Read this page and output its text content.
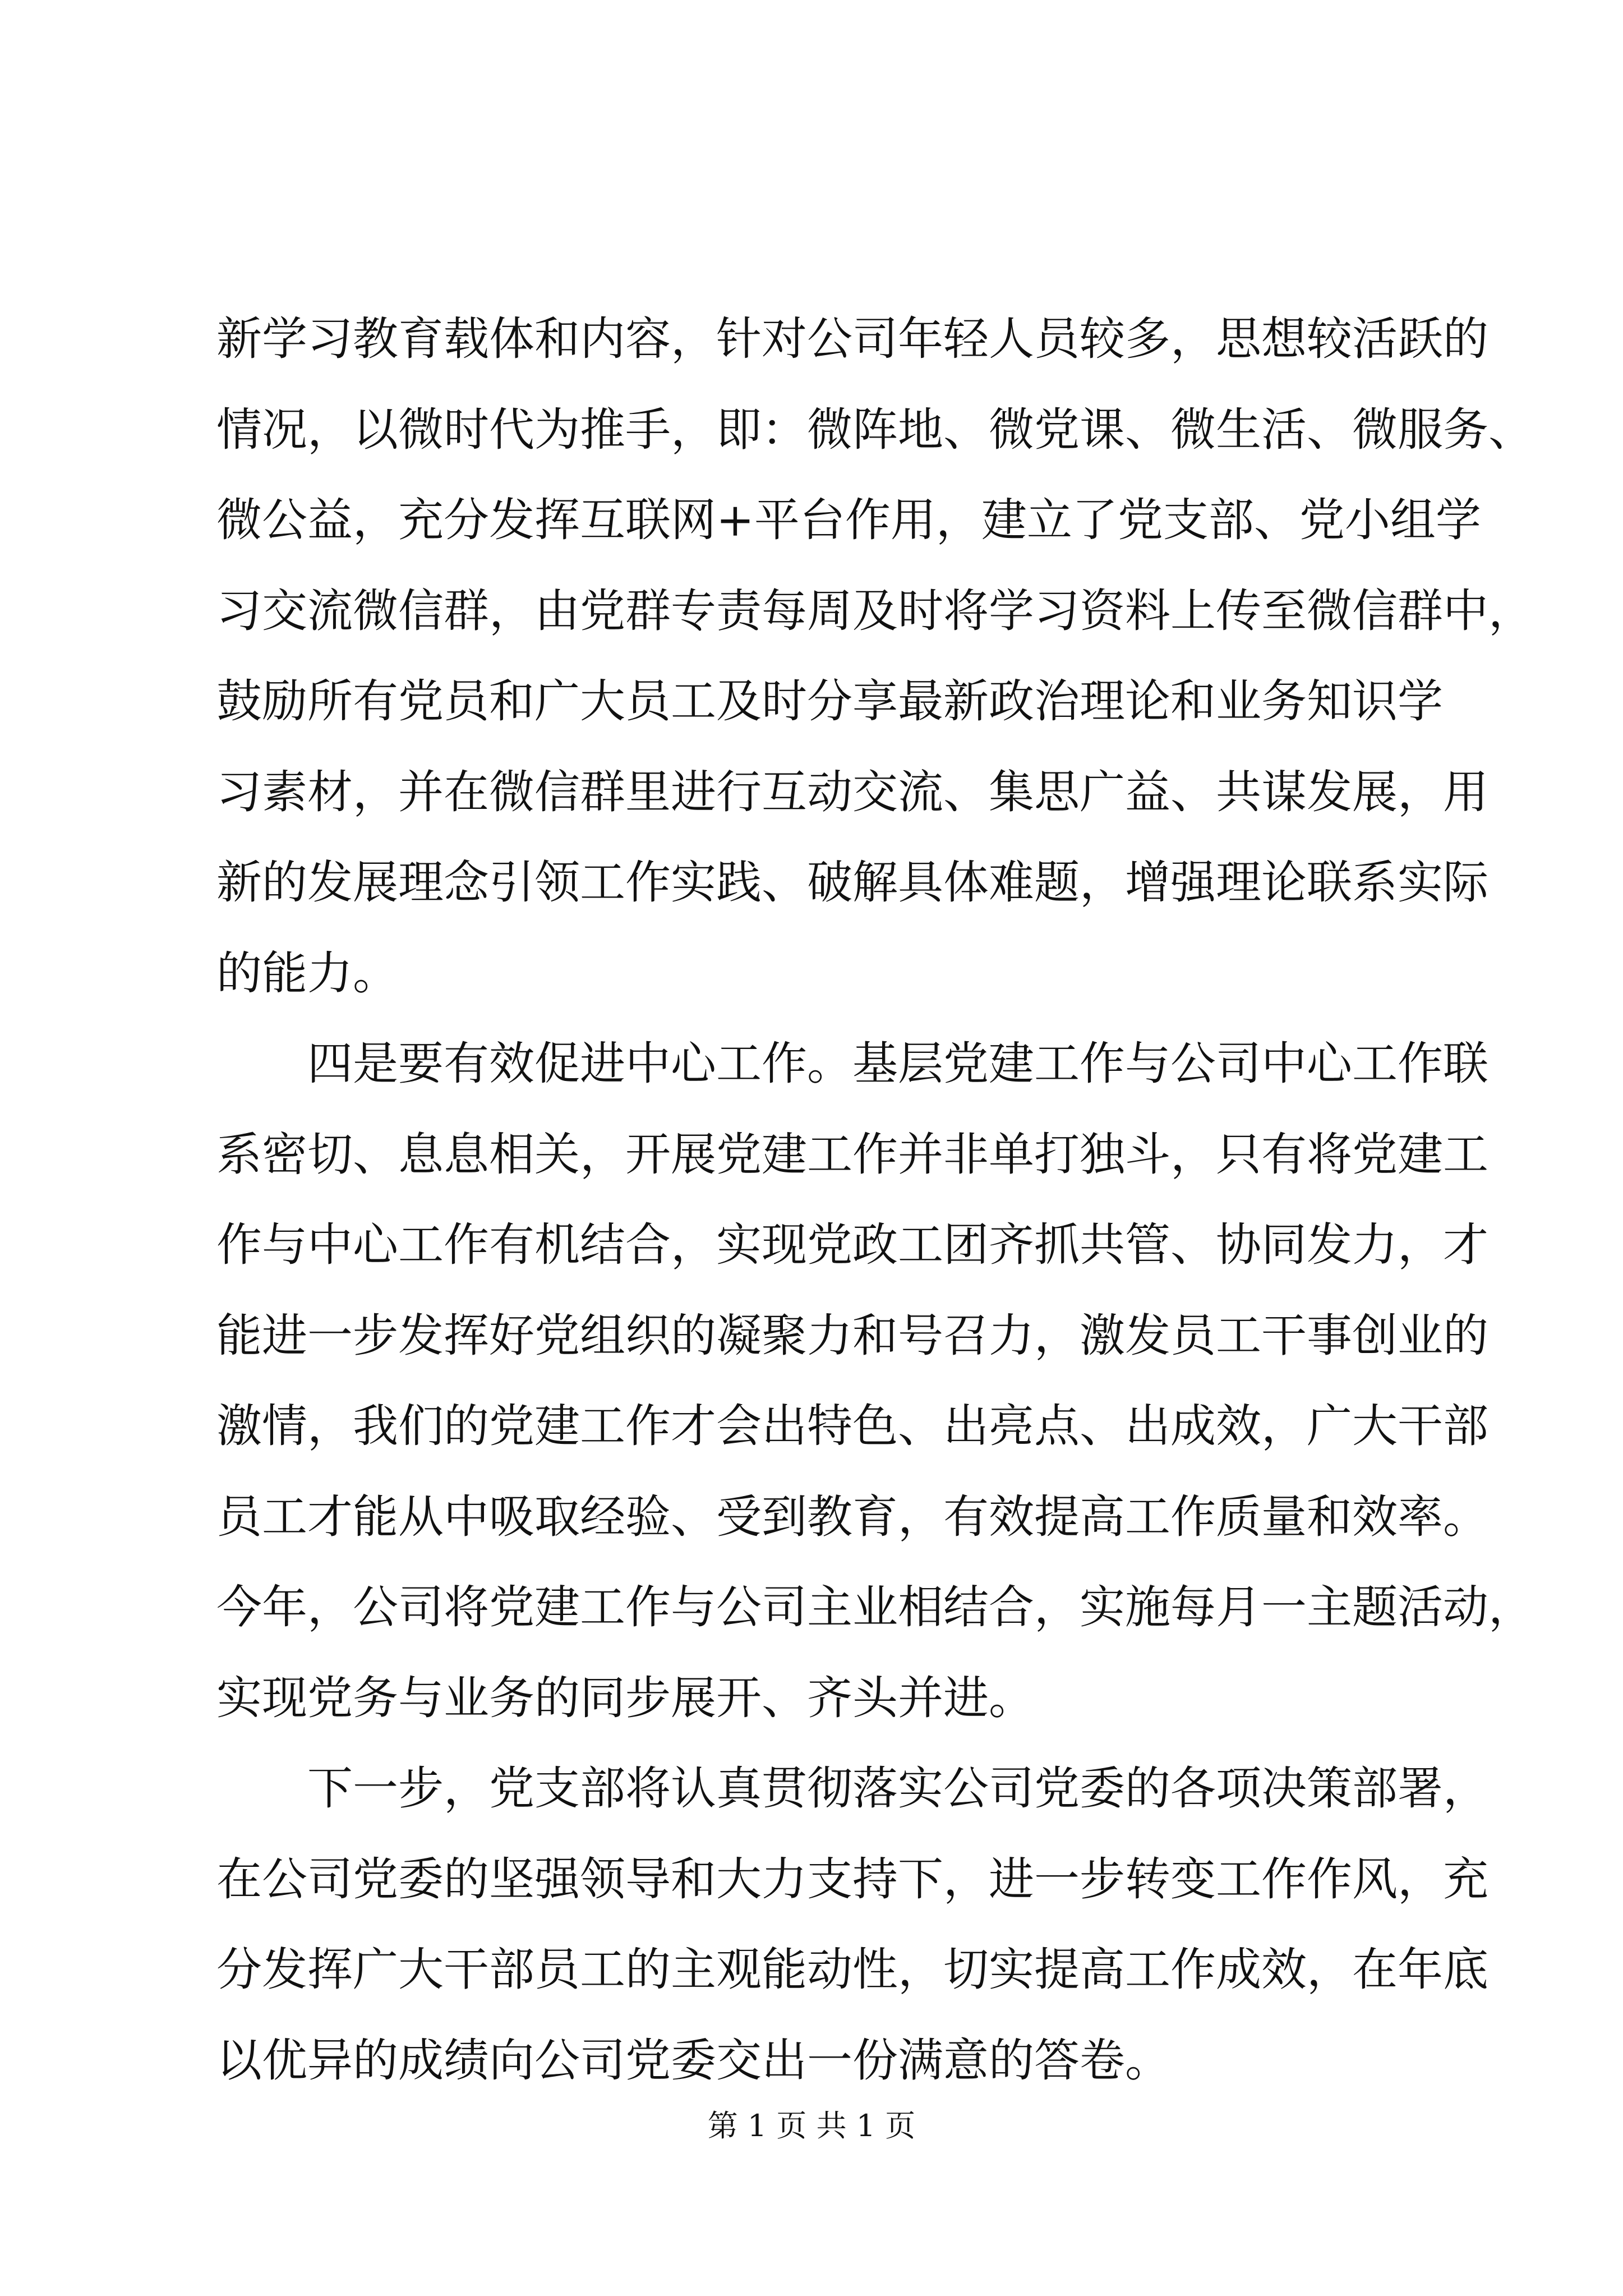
新学习教育载体和内容，针对公司年轻人员较多，思想较活跃的
情况，以微时代为推手，即：微阵地、微党课、微生活、微服务、
微公益，充分发挥互联网+平台作用，建立了党支部、党小组学
习交流微信群，由党群专责每周及时将学习资料上传至微信群中，
鼓励所有党员和广大员工及时分享最新政治理论和业务知识学
习素材，并在微信群里进行互动交流、集思广益、共谋发展，用
新的发展理念引领工作实践、破解具体难题，增强理论联系实际
的能力。
四是要有效促进中心工作。基层党建工作与公司中心工作联
系密切、息息相关，开展党建工作并非单打独斗，只有将党建工
作与中心工作有机结合，实现党政工团齐抓共管、协同发力，才
能进一步发挥好党组织的凝聚力和号召力，激发员工干事创业的
激情，我们的党建工作才会出特色、出亮点、出成效，广大干部
员工才能从中吸取经验、受到教育，有效提高工作质量和效率。
今年，公司将党建工作与公司主业相结合，实施每月一主题活动，
实现党务与业务的同步展开、齐头并进。
下一步，党支部将认真贯彻落实公司党委的各项决策部署，
在公司党委的坚强领导和大力支持下，进一步转变工作作风，充
分发挥广大干部员工的主观能动性，切实提高工作成效，在年底
以优异的成绩向公司党委交出一份满意的答卷。
第 1 页 共 1 页
